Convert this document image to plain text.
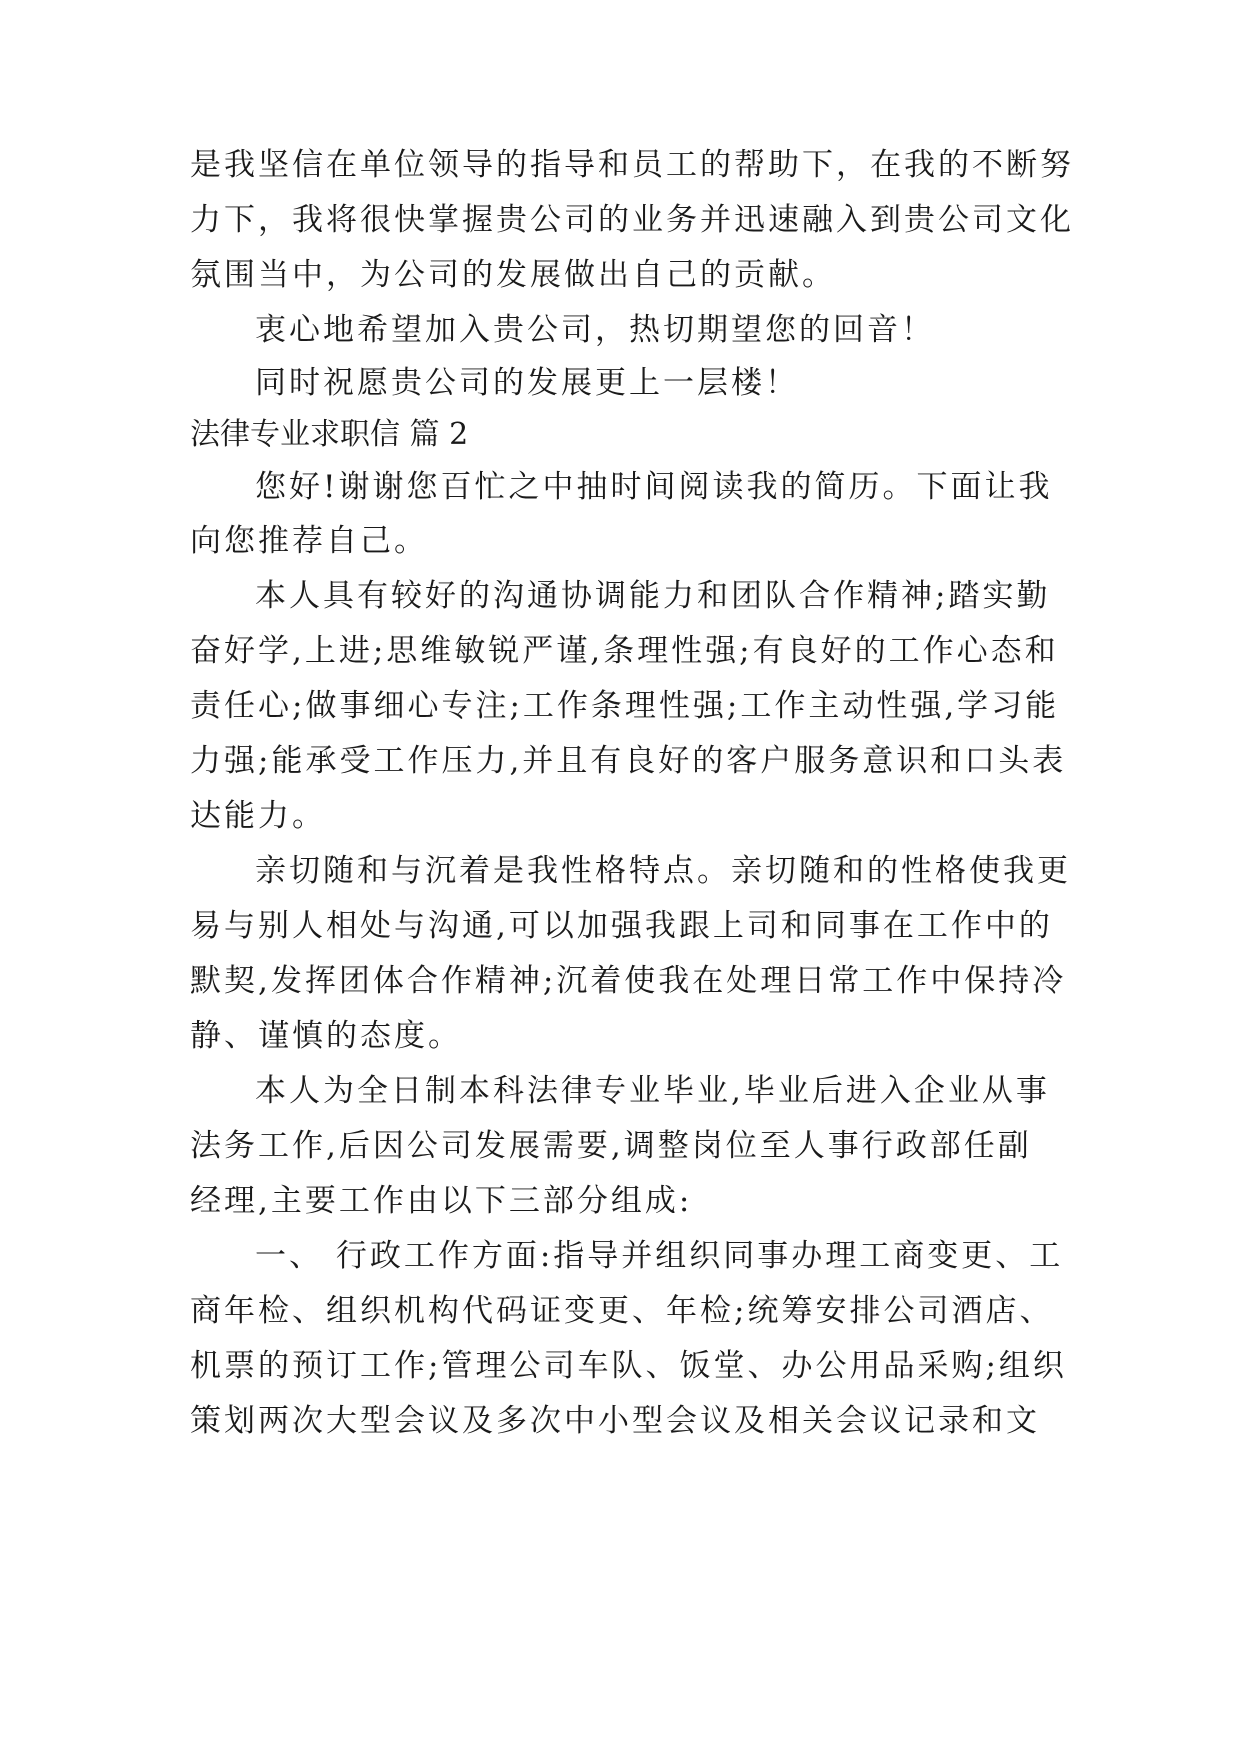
是我坚信在单位领导的指导和员工的帮助下，在我的不断努
力下，我将很快掌握贵公司的业务并迅速融入到贵公司文化
氛围当中，为公司的发展做出自己的贡献。
衷心地希望加入贵公司，热切期望您的回音！
同时祝愿贵公司的发展更上一层楼！
法律专业求职信 篇 2
您好!谢谢您百忙之中抽时间阅读我的简历。下面让我
向您推荐自己。
本人具有较好的沟通协调能力和团队合作精神;踏实勤
奋好学,上进;思维敏锐严谨,条理性强;有良好的工作心态和
责任心;做事细心专注;工作条理性强;工作主动性强,学习能
力强;能承受工作压力,并且有良好的客户服务意识和口头表
达能力。
亲切随和与沉着是我性格特点。亲切随和的性格使我更
易与别人相处与沟通,可以加强我跟上司和同事在工作中的
默契,发挥团体合作精神;沉着使我在处理日常工作中保持冷
静、谨慎的态度。
本人为全日制本科法律专业毕业,毕业后进入企业从事
法务工作,后因公司发展需要,调整岗位至人事行政部任副
经理,主要工作由以下三部分组成:
一、 行政工作方面:指导并组织同事办理工商变更、工
商年检、组织机构代码证变更、年检;统筹安排公司酒店、
机票的预订工作;管理公司车队、饭堂、办公用品采购;组织
策划两次大型会议及多次中小型会议及相关会议记录和文
